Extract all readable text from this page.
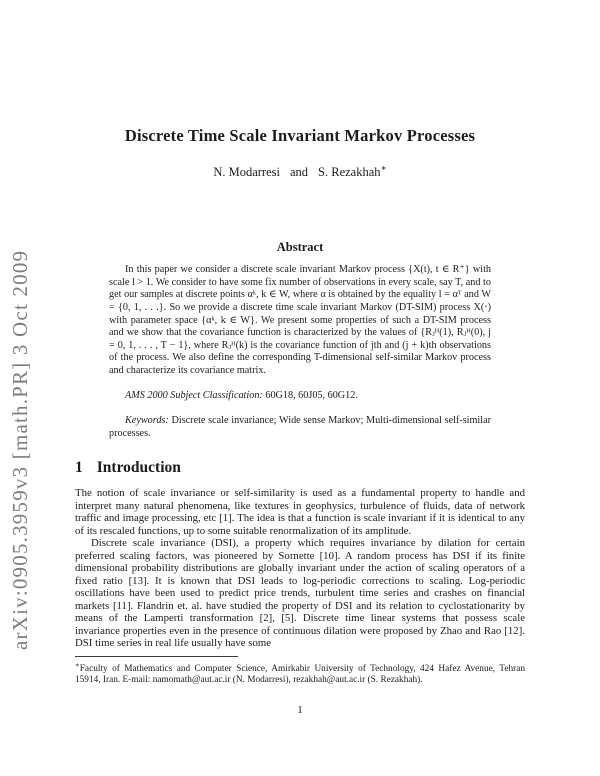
arXiv:0905.3959v3 [math.PR] 3 Oct 2009
Discrete Time Scale Invariant Markov Processes
N. Modarresi and S. Rezakhah∗
Abstract
In this paper we consider a discrete scale invariant Markov process {X(t), t ∈ R⁺} with scale l > 1. We consider to have some fix number of observations in every scale, say T, and to get our samples at discrete points αᵏ, k ∈ W, where α is obtained by the equality l = αᵀ and W = {0, 1, . . .}. So we provide a discrete time scale invariant Markov (DT-SIM) process X(·) with parameter space {αᵏ, k ∈ W}. We present some properties of such a DT-SIM process and we show that the covariance function is characterized by the values of {Rⱼᴴ(1), Rⱼᴴ(0), j = 0, 1, . . . , T − 1}, where Rⱼᴴ(k) is the covariance function of jth and (j + k)th observations of the process. We also define the corresponding T-dimensional self-similar Markov process and characterize its covariance matrix.
AMS 2000 Subject Classification: 60G18, 60J05, 60G12.
Keywords: Discrete scale invariance; Wide sense Markov; Multi-dimensional self-similar processes.
1 Introduction
The notion of scale invariance or self-similarity is used as a fundamental property to handle and interpret many natural phenomena, like textures in geophysics, turbulence of fluids, data of network traffic and image processing, etc [1]. The idea is that a function is scale invariant if it is identical to any of its rescaled functions, up to some suitable renormalization of its amplitude.
Discrete scale invariance (DSI), a property which requires invariance by dilation for certain preferred scaling factors, was pioneered by Sornette [10]. A random process has DSI if its finite dimensional probability distributions are globally invariant under the action of scaling operators of a fixed ratio [13]. It is known that DSI leads to log-periodic corrections to scaling. Log-periodic oscillations have been used to predict price trends, turbulent time series and crashes on financial markets [11]. Flandrin et. al. have studied the property of DSI and its relation to cyclostationarity by means of the Lamperti transformation [2], [5]. Discrete time linear systems that possess scale invariance properties even in the presence of continuous dilation were proposed by Zhao and Rao [12]. DSI time series in real life usually have some
∗Faculty of Mathematics and Computer Science, Amirkabir University of Technology, 424 Hafez Avenue, Tehran 15914, Iran. E-mail: namomath@aut.ac.ir (N. Modarresi), rezakhah@aut.ac.ir (S. Rezakhah).
1
